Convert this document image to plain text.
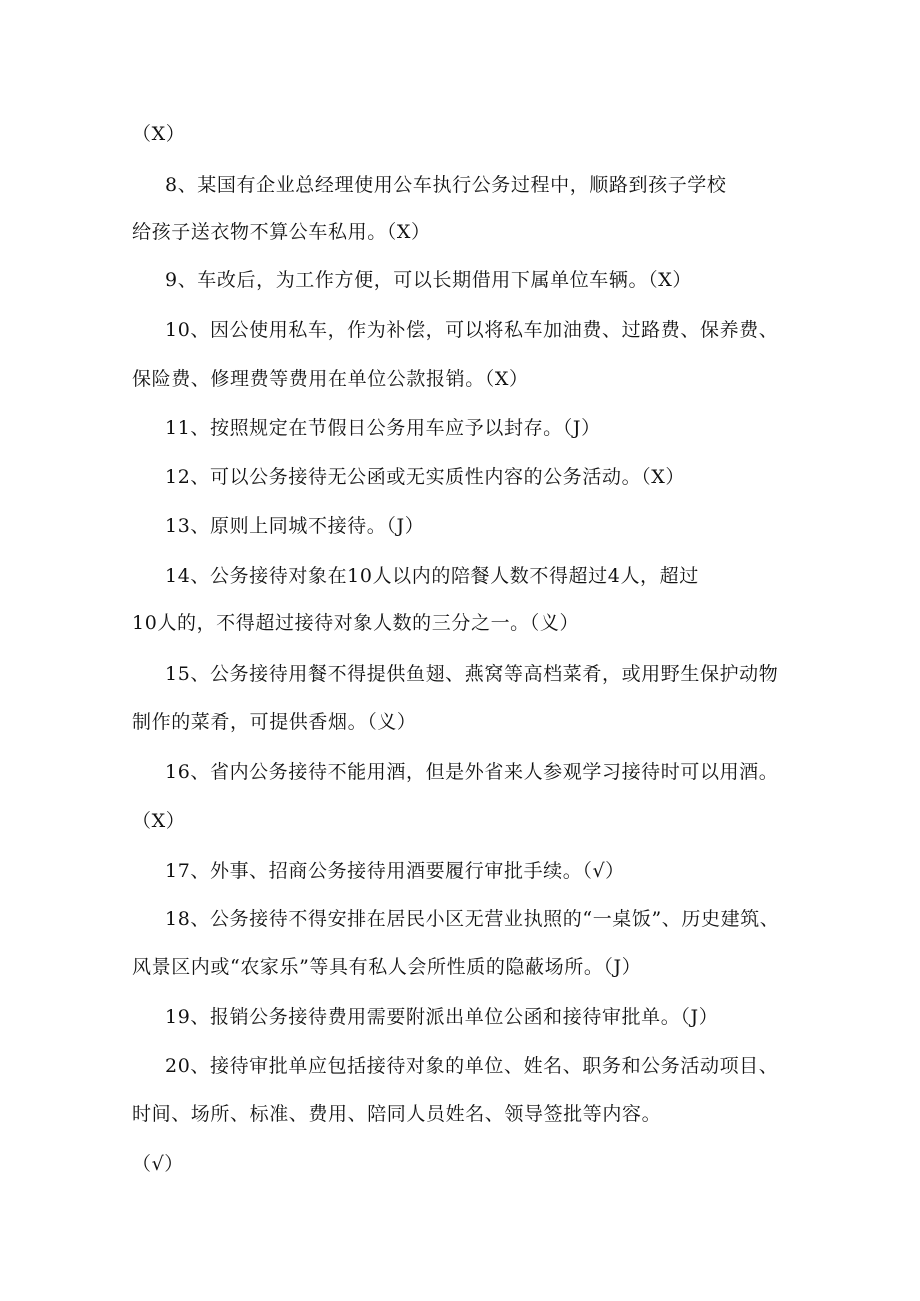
（X）
8、某国有企业总经理使用公车执行公务过程中，顺路到孩子学校
给孩子送衣物不算公车私用。（X）
9、车改后，为工作方便，可以长期借用下属单位车辆。（X）
10、因公使用私车，作为补偿，可以将私车加油费、过路费、保养费、
保险费、修理费等费用在单位公款报销。（X）
11、按照规定在节假日公务用车应予以封存。（J）
12、可以公务接待无公函或无实质性内容的公务活动。（X）
13、原则上同城不接待。（J）
14、公务接待对象在10人以内的陪餐人数不得超过4人，超过
10人的，不得超过接待对象人数的三分之一。（义）
15、公务接待用餐不得提供鱼翅、燕窝等高档菜肴，或用野生保护动物
制作的菜肴，可提供香烟。（义）
16、省内公务接待不能用酒，但是外省来人参观学习接待时可以用酒。
（X）
17、外事、招商公务接待用酒要履行审批手续。（√）
18、公务接待不得安排在居民小区无营业执照的“一桌饭”、历史建筑、
风景区内或“农家乐”等具有私人会所性质的隐蔽场所。（J）
19、报销公务接待费用需要附派出单位公函和接待审批单。（J）
20、接待审批单应包括接待对象的单位、姓名、职务和公务活动项目、
时间、场所、标准、费用、陪同人员姓名、领导签批等内容。
（√）
